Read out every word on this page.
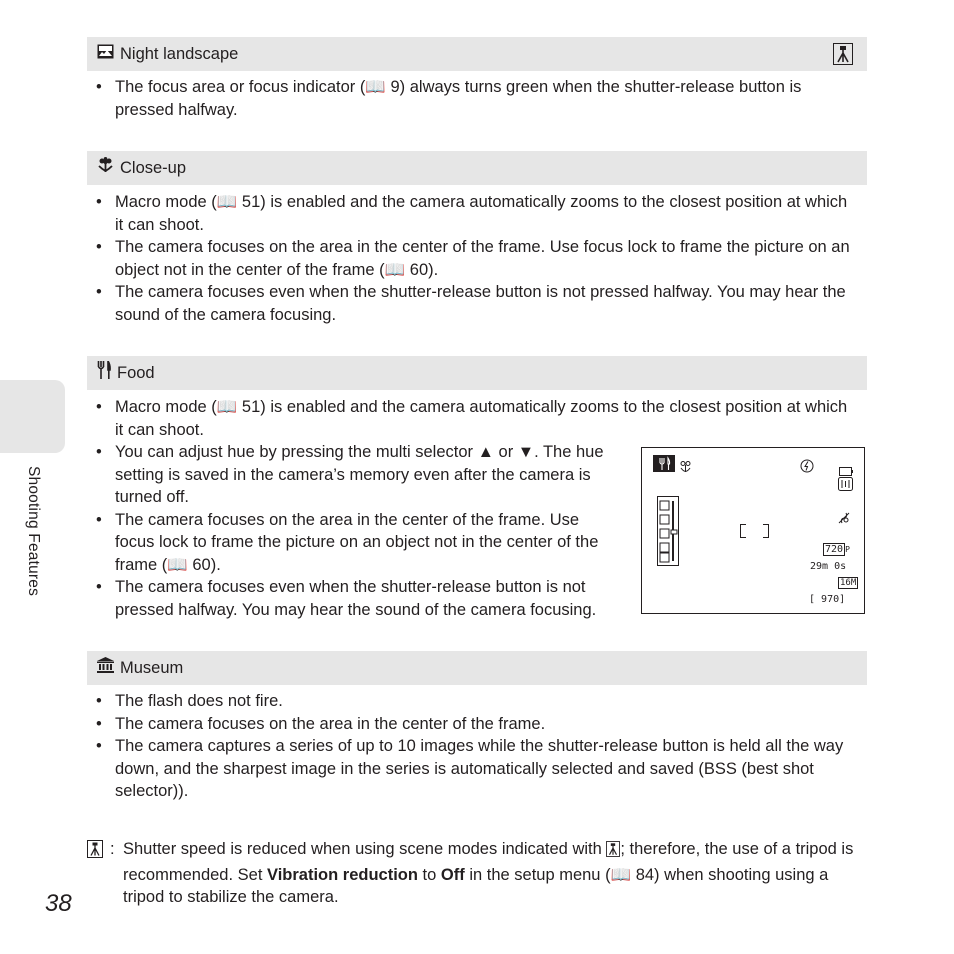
Night landscape
• The focus area or focus indicator (📖 9) always turns green when the shutter-release button is pressed halfway.
Close-up
• Macro mode (📖 51) is enabled and the camera automatically zooms to the closest position at which it can shoot.
• The camera focuses on the area in the center of the frame. Use focus lock to frame the picture on an object not in the center of the frame (📖 60).
• The camera focuses even when the shutter-release button is not pressed halfway. You may hear the sound of the camera focusing.
Food
• Macro mode (📖 51) is enabled and the camera automatically zooms to the closest position at which it can shoot.
• You can adjust hue by pressing the multi selector ▲ or ▼. The hue setting is saved in the camera’s memory even after the camera is turned off.
• The camera focuses on the area in the center of the frame. Use focus lock to frame the picture on an object not in the center of the frame (📖 60).
• The camera focuses even when the shutter-release button is not pressed halfway. You may hear the sound of the camera focusing.
720 P
29m 0s
16M
[ 970]
Museum
• The flash does not fire.
• The camera focuses on the area in the center of the frame.
• The camera captures a series of up to 10 images while the shutter-release button is held all the way down, and the sharpest image in the series is automatically selected and saved (BSS (best shot selector)).
: Shutter speed is reduced when using scene modes indicated with ; therefore, the use of a tripod is recommended. Set Vibration reduction to Off in the setup menu (📖 84) when shooting using a tripod to stabilize the camera.
Shooting Features
38
